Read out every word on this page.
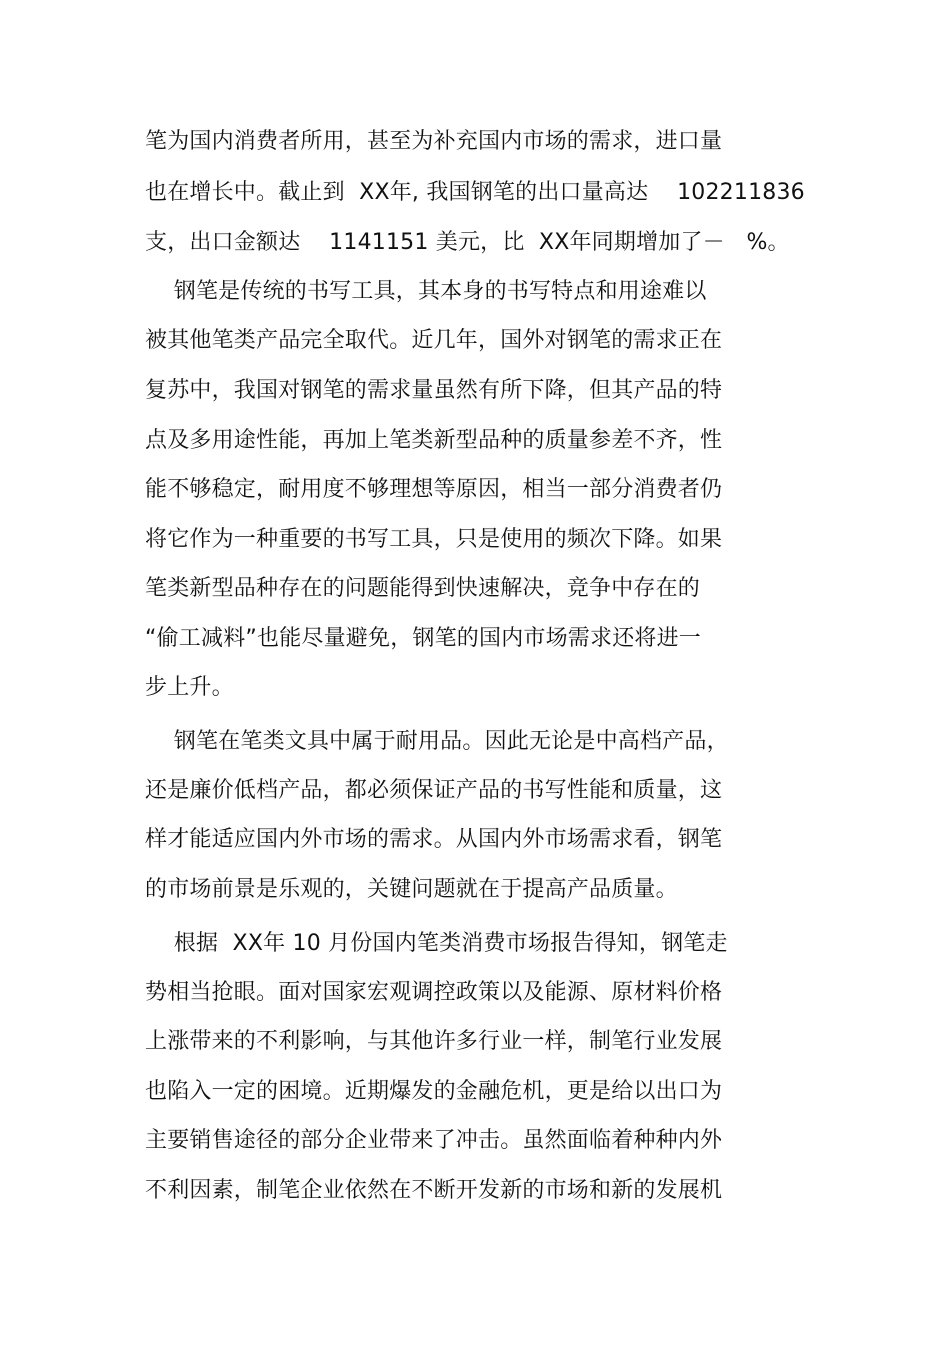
笔为国内消费者所用，甚至为补充国内市场的需求，进口量
也在增长中。截止到  XX年, 我国钢笔的出口量高达    102211836
支，出口金额达    1141151 美元，比  XX年同期增加了－   %。
钢笔是传统的书写工具，其本身的书写特点和用途难以
被其他笔类产品完全取代。近几年，国外对钢笔的需求正在
复苏中，我国对钢笔的需求量虽然有所下降，但其产品的特
点及多用途性能，再加上笔类新型品种的质量参差不齐，性
能不够稳定，耐用度不够理想等原因，相当一部分消费者仍
将它作为一种重要的书写工具，只是使用的频次下降。如果
笔类新型品种存在的问题能得到快速解决，竞争中存在的
“偷工减料”也能尽量避免，钢笔的国内市场需求还将进一
步上升。
钢笔在笔类文具中属于耐用品。因此无论是中高档产品，
还是廉价低档产品，都必须保证产品的书写性能和质量，这
样才能适应国内外市场的需求。从国内外市场需求看，钢笔
的市场前景是乐观的，关键问题就在于提高产品质量。
根据  XX年 10 月份国内笔类消费市场报告得知，钢笔走
势相当抢眼。面对国家宏观调控政策以及能源、原材料价格
上涨带来的不利影响，与其他许多行业一样，制笔行业发展
也陷入一定的困境。近期爆发的金融危机，更是给以出口为
主要销售途径的部分企业带来了冲击。虽然面临着种种内外
不利因素，制笔企业依然在不断开发新的市场和新的发展机
